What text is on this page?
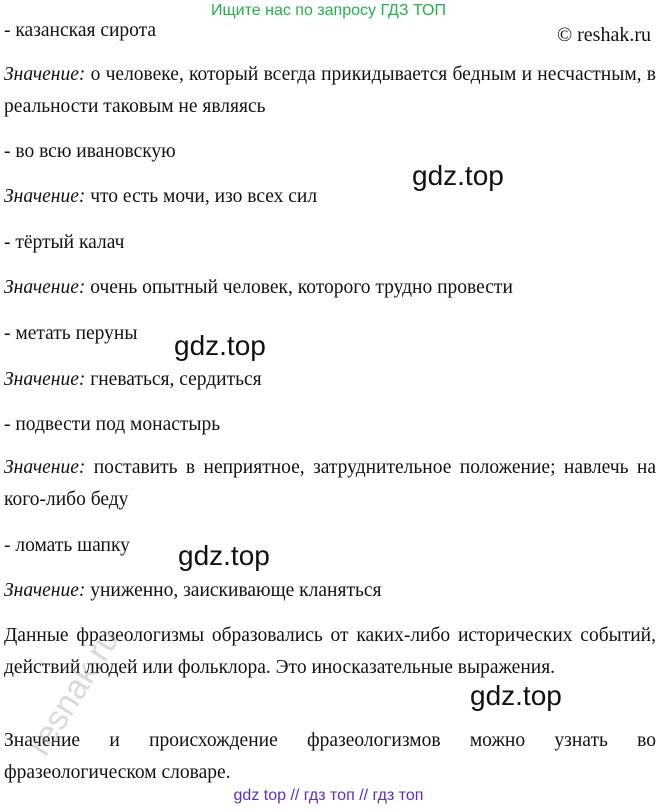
Ищите нас по запросу ГДЗ ТОП
© reshak.ru
- казанская сирота
Значение: о человеке, который всегда прикидывается бедным и несчастным, в реальности таковым не являясь
- во всю ивановскую
Значение: что есть мочи, изо всех сил
- тёртый калач
Значение: очень опытный человек, которого трудно провести
- метать перуны
Значение: гневаться, сердиться
- подвести под монастырь
Значение: поставить в неприятное, затруднительное положение; навлечь на кого-либо беду
- ломать шапку
Значение: униженно, заискивающе кланяться
Данные фразеологизмы образовались от каких-либо исторических событий, действий людей или фольклора. Это иносказательные выражения.
Значение и происхождение фразеологизмов можно узнать во фразеологическом словаре.
gdz.top
gdz.top
gdz.top
gdz.top
resnak.ru
gdz top // гдз топ // гдз топ
